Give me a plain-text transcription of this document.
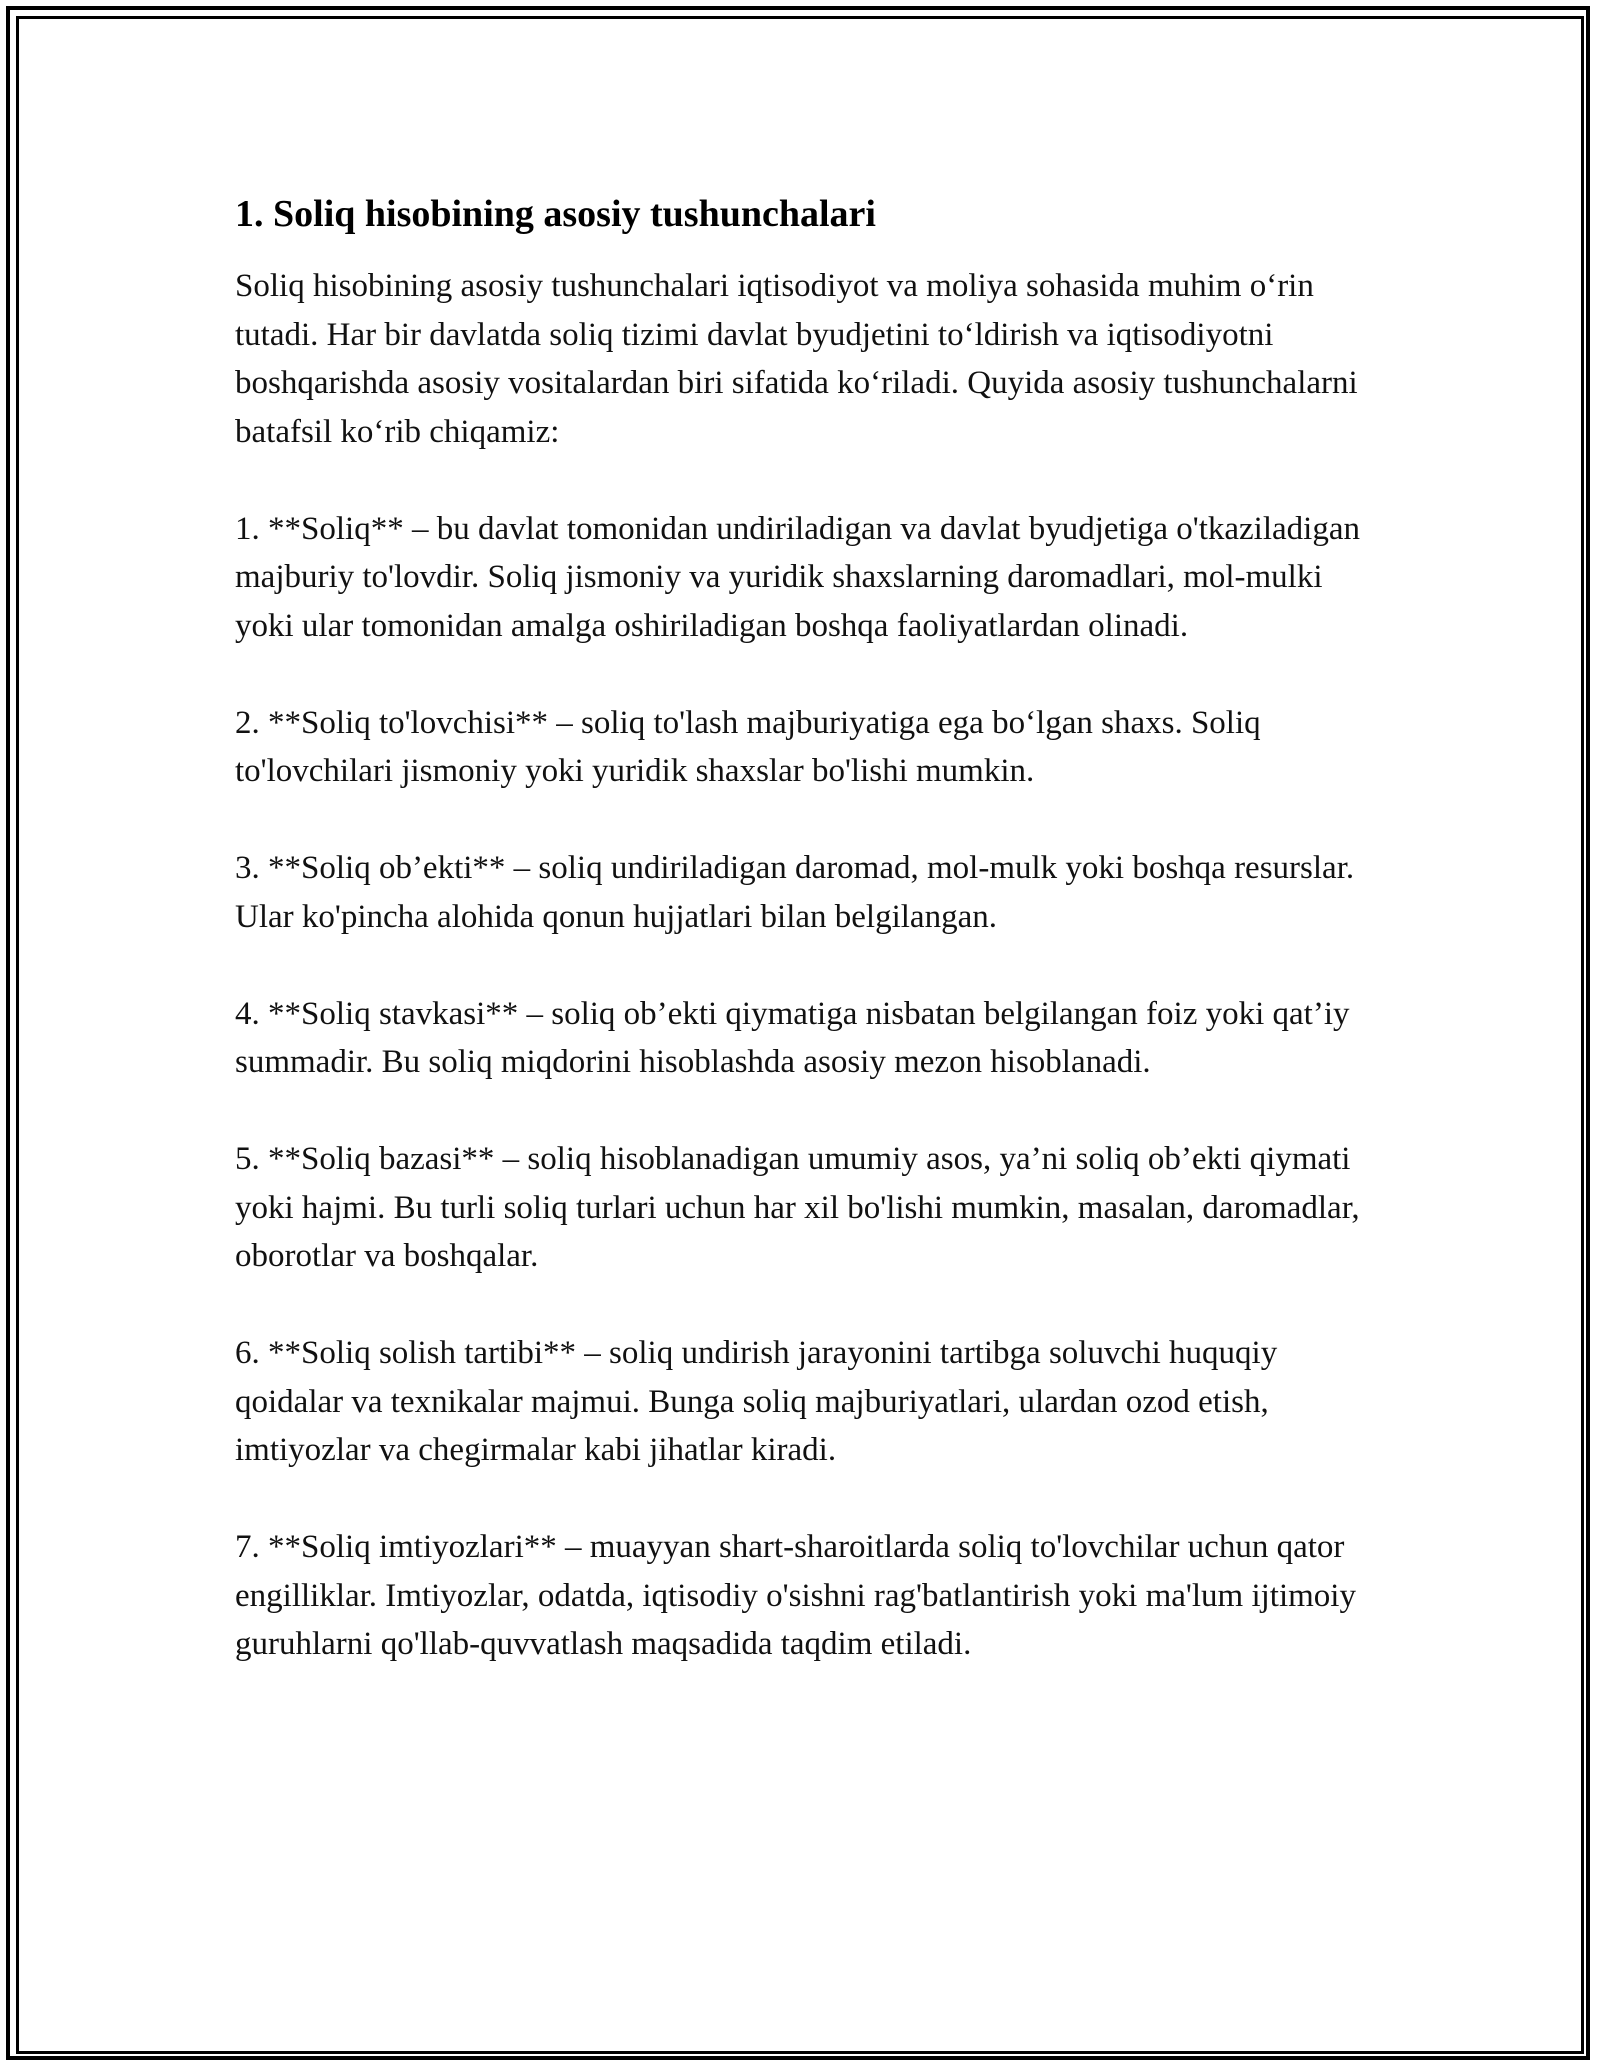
1. Soliq hisobining asosiy tushunchalari

Soliq hisobining asosiy tushunchalari iqtisodiyot va moliya sohasida muhim o‘rin tutadi. Har bir davlatda soliq tizimi davlat byudjetini to‘ldirish va iqtisodiyotni boshqarishda asosiy vositalardan biri sifatida ko‘riladi. Quyida asosiy tushunchalarni batafsil ko‘rib chiqamiz:

1. **Soliq** – bu davlat tomonidan undiriladigan va davlat byudjetiga o'tkaziladigan majburiy to'lovdir. Soliq jismoniy va yuridik shaxslarning daromadlari, mol-mulki yoki ular tomonidan amalga oshiriladigan boshqa faoliyatlardan olinadi.

2. **Soliq to'lovchisi** – soliq to'lash majburiyatiga ega bo‘lgan shaxs. Soliq to'lovchilari jismoniy yoki yuridik shaxslar bo'lishi mumkin.

3. **Soliq ob’ekti** – soliq undiriladigan daromad, mol-mulk yoki boshqa resurslar. Ular ko'pincha alohida qonun hujjatlari bilan belgilangan.

4. **Soliq stavkasi** – soliq ob’ekti qiymatiga nisbatan belgilangan foiz yoki qat’iy summadir. Bu soliq miqdorini hisoblashda asosiy mezon hisoblanadi.

5. **Soliq bazasi** – soliq hisoblanadigan umumiy asos, ya’ni soliq ob’ekti qiymati yoki hajmi. Bu turli soliq turlari uchun har xil bo'lishi mumkin, masalan, daromadlar, oborotlar va boshqalar.

6. **Soliq solish tartibi** – soliq undirish jarayonini tartibga soluvchi huquqiy qoidalar va texnikalar majmui. Bunga soliq majburiyatlari, ulardan ozod etish, imtiyozlar va chegirmalar kabi jihatlar kiradi.

7. **Soliq imtiyozlari** – muayyan shart-sharoitlarda soliq to'lovchilar uchun qator engilliklar. Imtiyozlar, odatda, iqtisodiy o'sishni rag'batlantirish yoki ma'lum ijtimoiy guruhlarni qo'llab-quvvatlash maqsadida taqdim etiladi.
